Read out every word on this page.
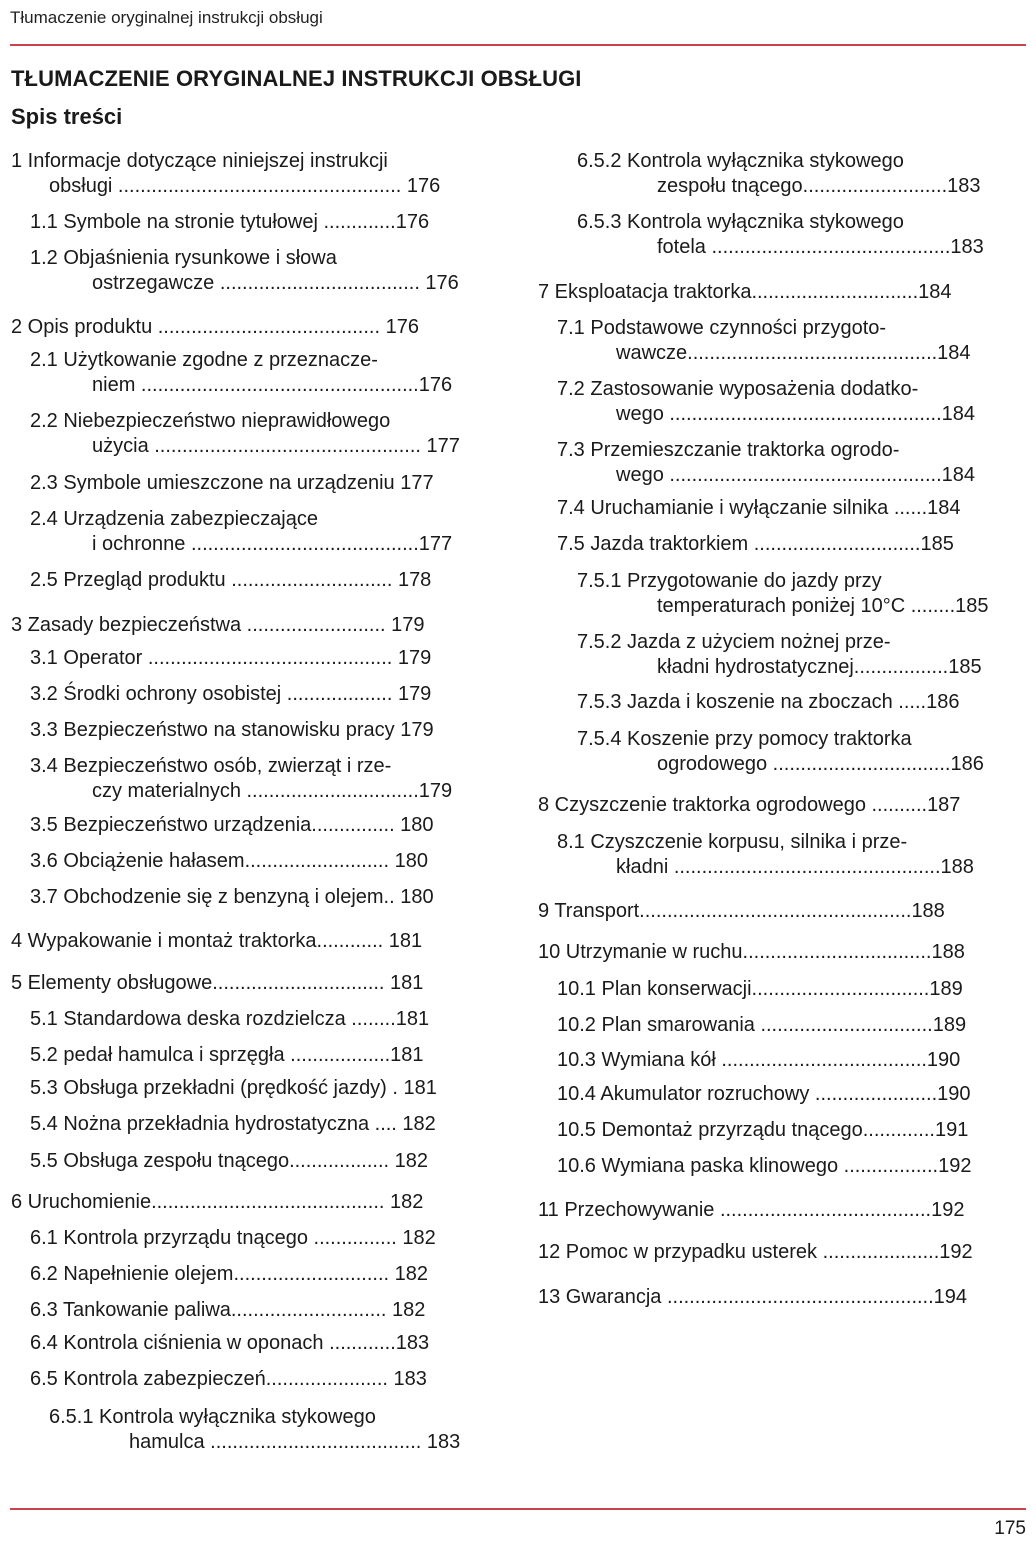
Tłumaczenie oryginalnej instrukcji obsługi
TŁUMACZENIE ORYGINALNEJ INSTRUKCJI OBSŁUGI
Spis treści
1 Informacje dotyczące niniejszej instrukcji
obsługi ................................................... 176
1.1 Symbole na stronie tytułowej .............176
1.2 Objaśnienia rysunkowe i słowa
ostrzegawcze .................................... 176
2 Opis produktu ........................................ 176
2.1 Użytkowanie zgodne z przeznacze-
niem ..................................................176
2.2 Niebezpieczeństwo nieprawidłowego
użycia ................................................ 177
2.3 Symbole umieszczone na urządzeniu 177
2.4 Urządzenia zabezpieczające
i ochronne .........................................177
2.5 Przegląd produktu ............................. 178
3 Zasady bezpieczeństwa ......................... 179
3.1 Operator ............................................ 179
3.2 Środki ochrony osobistej ................... 179
3.3 Bezpieczeństwo na stanowisku pracy 179
3.4 Bezpieczeństwo osób, zwierząt i rze-
czy materialnych ...............................179
3.5 Bezpieczeństwo urządzenia............... 180
3.6 Obciążenie hałasem.......................... 180
3.7 Obchodzenie się z benzyną i olejem.. 180
4 Wypakowanie i montaż traktorka............ 181
5 Elementy obsługowe............................... 181
5.1 Standardowa deska rozdzielcza ........181
5.2 pedał hamulca i sprzęgła ..................181
5.3 Obsługa przekładni (prędkość jazdy) . 181
5.4 Nożna przekładnia hydrostatyczna .... 182
5.5 Obsługa zespołu tnącego.................. 182
6 Uruchomienie.......................................... 182
6.1 Kontrola przyrządu tnącego ............... 182
6.2 Napełnienie olejem............................ 182
6.3 Tankowanie paliwa............................ 182
6.4 Kontrola ciśnienia w oponach ............183
6.5 Kontrola zabezpieczeń...................... 183
6.5.1 Kontrola wyłącznika stykowego
hamulca ...................................... 183
6.5.2 Kontrola wyłącznika stykowego
zespołu tnącego..........................183
6.5.3 Kontrola wyłącznika stykowego
fotela ...........................................183
7 Eksploatacja traktorka..............................184
7.1 Podstawowe czynności przygoto-
wawcze.............................................184
7.2 Zastosowanie wyposażenia dodatko-
wego .................................................184
7.3 Przemieszczanie traktorka ogrodo-
wego .................................................184
7.4 Uruchamianie i wyłączanie silnika ......184
7.5 Jazda traktorkiem ..............................185
7.5.1 Przygotowanie do jazdy przy
temperaturach poniżej 10°C ........185
7.5.2 Jazda z użyciem nożnej prze-
kładni hydrostatycznej.................185
7.5.3 Jazda i koszenie na zboczach .....186
7.5.4 Koszenie przy pomocy traktorka
ogrodowego ................................186
8 Czyszczenie traktorka ogrodowego ..........187
8.1 Czyszczenie korpusu, silnika i prze-
kładni ................................................188
9 Transport.................................................188
10 Utrzymanie w ruchu..................................188
10.1 Plan konserwacji................................189
10.2 Plan smarowania ...............................189
10.3 Wymiana kół .....................................190
10.4 Akumulator rozruchowy ......................190
10.5 Demontaż przyrządu tnącego.............191
10.6 Wymiana paska klinowego .................192
11 Przechowywanie ......................................192
12 Pomoc w przypadku usterek .....................192
13 Gwarancja ................................................194
175
